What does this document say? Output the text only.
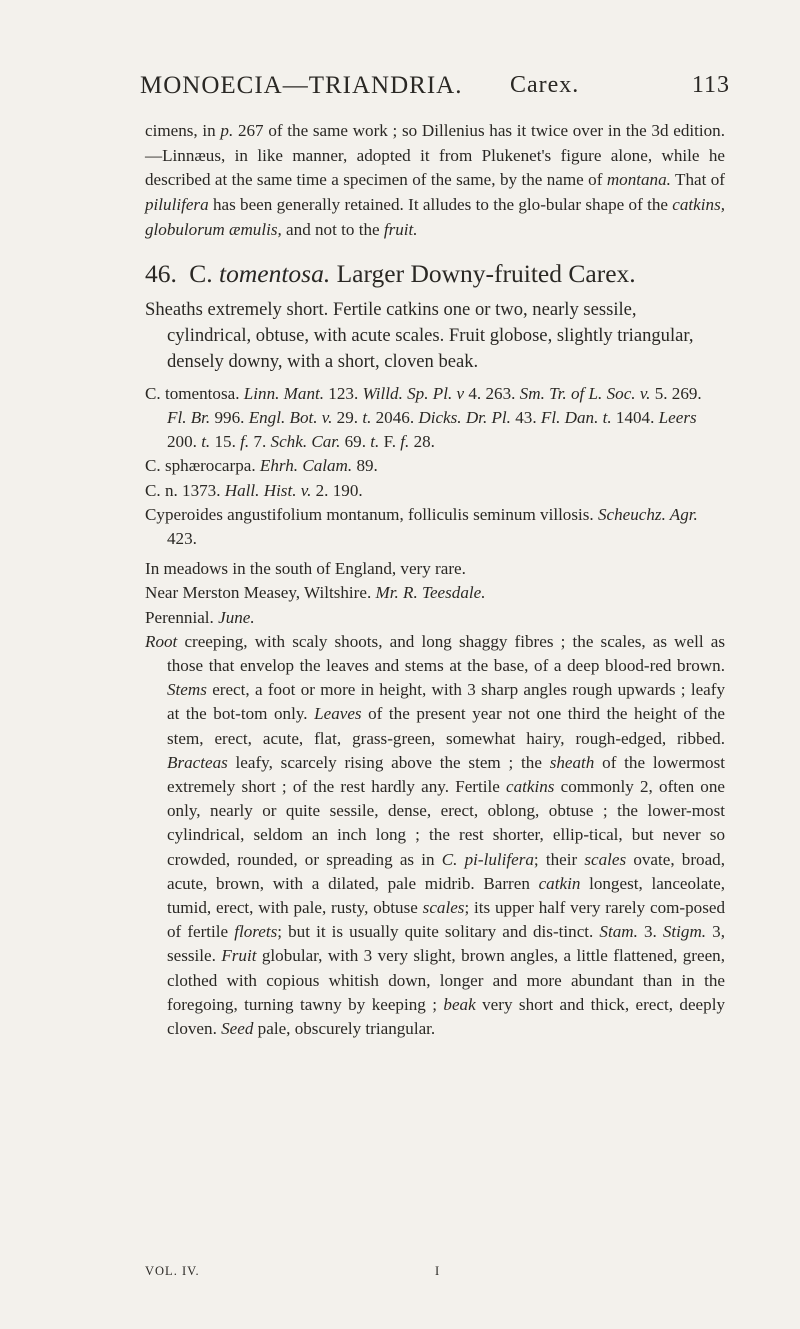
MONOECIA—TRIANDRIA. Carex.	113

cimens, in p. 267 of the same work ; so Dillenius has it twice over in the 3d edition.—Linnæus, in like manner, adopted it from Plukenet's figure alone, while he described at the same time a specimen of the same, by the name of montana. That of pilulifera has been generally retained. It alludes to the glo-bular shape of the catkins, globulorum æmulis, and not to the fruit.

46. C. tomentosa. Larger Downy-fruited Carex.

Sheaths extremely short. Fertile catkins one or two, nearly sessile, cylindrical, obtuse, with acute scales. Fruit globose, slightly triangular, densely downy, with a short, cloven beak.

C. tomentosa. Linn. Mant. 123. Willd. Sp. Pl. v 4. 263. Sm. Tr. of L. Soc. v. 5. 269. Fl. Br. 996. Engl. Bot. v. 29. t. 2046. Dicks. Dr. Pl. 43. Fl. Dan. t. 1404. Leers 200. t. 15. f. 7. Schk. Car. 69. t. F. f. 28.

C. sphærocarpa. Ehrh. Calam. 89.

C. n. 1373. Hall. Hist. v. 2. 190.

Cyperoides angustifolium montanum, folliculis seminum villosis. Scheuchz. Agr. 423.

In meadows in the south of England, very rare.

Near Merston Measey, Wiltshire. Mr. R. Teesdale.

Perennial. June.

Root creeping, with scaly shoots, and long shaggy fibres ; the scales, as well as those that envelop the leaves and stems at the base, of a deep blood-red brown. Stems erect, a foot or more in height, with 3 sharp angles rough upwards ; leafy at the bot-tom only. Leaves of the present year not one third the height of the stem, erect, acute, flat, grass-green, somewhat hairy, rough-edged, ribbed. Bracteas leafy, scarcely rising above the stem ; the sheath of the lowermost extremely short ; of the rest hardly any. Fertile catkins commonly 2, often one only, nearly or quite sessile, dense, erect, oblong, obtuse ; the lower-most cylindrical, seldom an inch long ; the rest shorter, ellip-tical, but never so crowded, rounded, or spreading as in C. pi-lulifera; their scales ovate, broad, acute, brown, with a dilated, pale midrib. Barren catkin longest, lanceolate, tumid, erect, with pale, rusty, obtuse scales; its upper half very rarely com-posed of fertile florets; but it is usually quite solitary and dis-tinct. Stam. 3. Stigm. 3, sessile. Fruit globular, with 3 very slight, brown angles, a little flattened, green, clothed with copious whitish down, longer and more abundant than in the foregoing, turning tawny by keeping ; beak very short and thick, erect, deeply cloven. Seed pale, obscurely triangular.

VOL. IV.	I
